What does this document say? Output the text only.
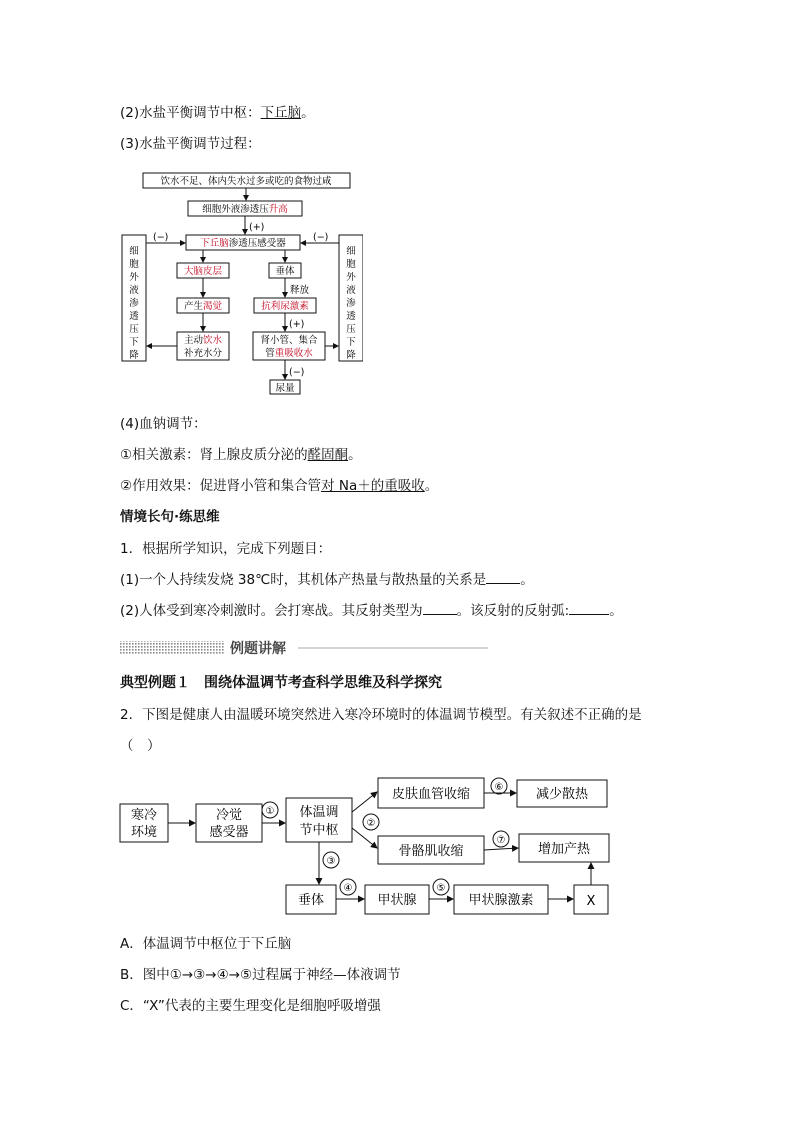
(2)水盐平衡调节中枢：下丘脑。
(3)水盐平衡调节过程：
饮水不足、体内失水过多或吃的食物过咸
细胞外液渗透压升高
(+)
(−)	(−)
下丘脑渗透压感受器
细
胞
外
液
渗
透
压
下
降
细
胞
外
液
渗
透
压
下
降
大脑皮层
产生渴觉
主动饮水
补充水分
垂体
释放
抗利尿激素
(+)
肾小管、集合
管重吸收水
(−)
尿量
(4)血钠调节：
①相关激素：肾上腺皮质分泌的醛固酮。
②作用效果：促进肾小管和集合管对 Na＋的重吸收。
情境长句·练思维
1．根据所学知识，完成下列题目：
(1)一个人持续发烧 38℃时，其机体产热量与散热量的关系是	。
(2)人体受到寒冷刺激时。会打寒战。其反射类型为	。该反射的反射弧:	。
例题讲解
典型例题１　围绕体温调节考查科学思维及科学探究
2．下图是健康人由温暖环境突然进入寒冷环境时的体温调节模型。有关叙述不正确的是
（　）
寒冷
环境
冷觉
感受器
体温调
节中枢
皮肤血管收缩	减少散热
骨骼肌收缩	增加产热
垂体	甲状腺	甲状腺激素	X
①
②
③
④	⑤
⑥
⑦
A．体温调节中枢位于下丘脑
B．图中①→③→④→⑤过程属于神经—体液调节
C．“X”代表的主要生理变化是细胞呼吸增强
